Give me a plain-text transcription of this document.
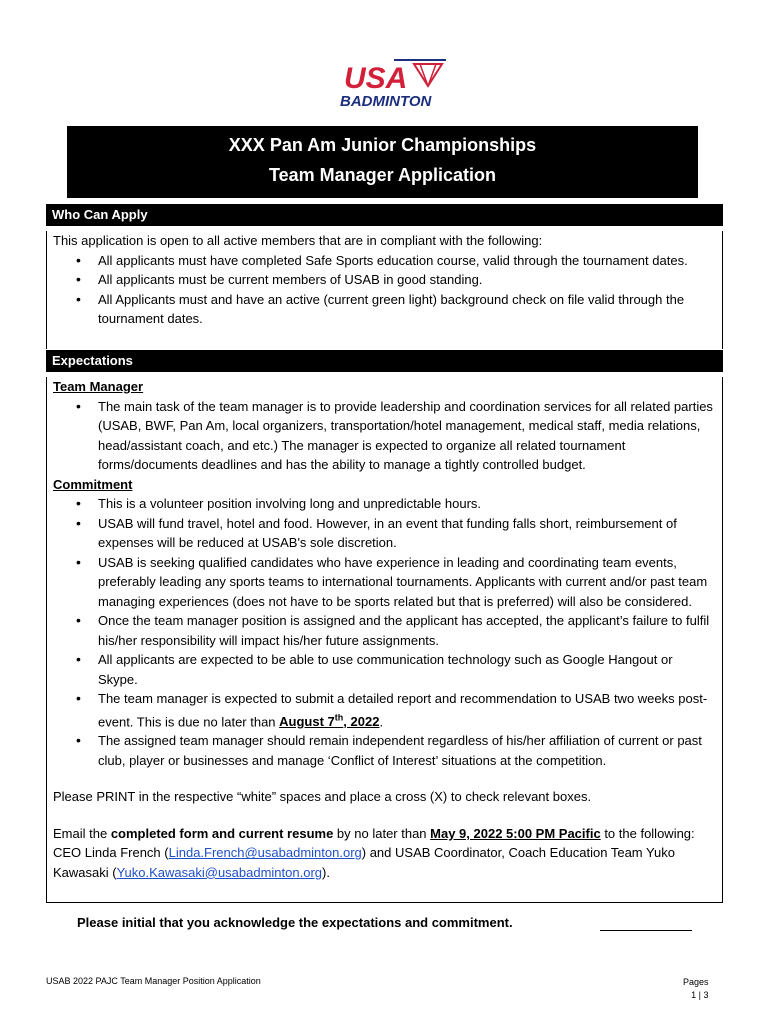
USA
BADMINTON
XXX Pan Am Junior Championships
Team Manager Application
Who Can Apply

This application is open to all active members that are in compliant with the following:

• All applicants must have completed Safe Sports education course, valid through the tournament dates.
• All applicants must be current members of USAB in good standing.
• All Applicants must and have an active (current green light) background check on file valid through the tournament dates.
Expectations
Team Manager
• The main task of the team manager is to provide leadership and coordination services for all related parties (USAB, BWF, Pan Am, local organizers, transportation/hotel management, medical staff, media relations, head/assistant coach, and etc.) The manager is expected to organize all related tournament forms/documents deadlines and has the ability to manage a tightly controlled budget.
Commitment
• This is a volunteer position involving long and unpredictable hours.
• USAB will fund travel, hotel and food. However, in an event that funding falls short, reimbursement of expenses will be reduced at USAB's sole discretion.
• USAB is seeking qualified candidates who have experience in leading and coordinating team events, preferably leading any sports teams to international tournaments. Applicants with current and/or past team managing experiences (does not have to be sports related but that is preferred) will also be considered.
• Once the team manager position is assigned and the applicant has accepted, the applicant’s failure to fulfil his/her responsibility will impact his/her future assignments.
• All applicants are expected to be able to use communication technology such as Google Hangout or Skype.
• The team manager is expected to submit a detailed report and recommendation to USAB two weeks post-event. This is due no later than August 7th, 2022.
• The assigned team manager should remain independent regardless of his/her affiliation of current or past club, player or businesses and manage ‘Conflict of Interest’ situations at the competition.

Please PRINT in the respective “white” spaces and place a cross (X) to check relevant boxes.

Email the completed form and current resume by no later than May 9, 2022 5:00 PM Pacific to the following: CEO Linda French (Linda.French@usabadminton.org) and USAB Coordinator, Coach Education Team Yuko Kawasaki (Yuko.Kawasaki@usabadminton.org).

Please initial that you acknowledge the expectations and commitment.
USAB 2022 PAJC Team Manager Position Application	Pages
1 | 3
